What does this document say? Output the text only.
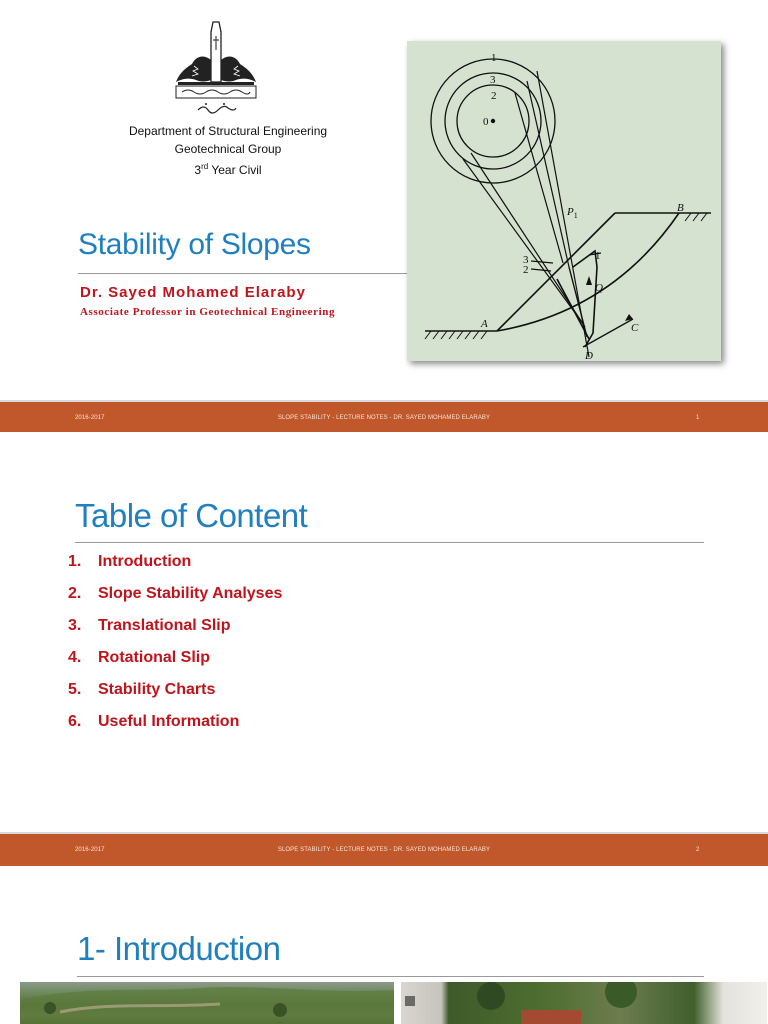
Department of Structural Engineering
Geotechnical Group
3rd Year Civil
Stability of Slopes
Dr. Sayed Mohamed Elaraby
Associate Professor in Geotechnical Engineering
1
3
2
0
$P_1$
B
A
D
C
Q
3
2
1
2016-2017	SLOPE STABILITY - LECTURE NOTES - DR. SAYED MOHAMED ELARABY	1
Table of Content
1. Introduction
2. Slope Stability Analyses
3. Translational Slip
4. Rotational Slip
5. Stability Charts
6. Useful Information
2016-2017	SLOPE STABILITY - LECTURE NOTES - DR. SAYED MOHAMED ELARABY	2
1- Introduction
